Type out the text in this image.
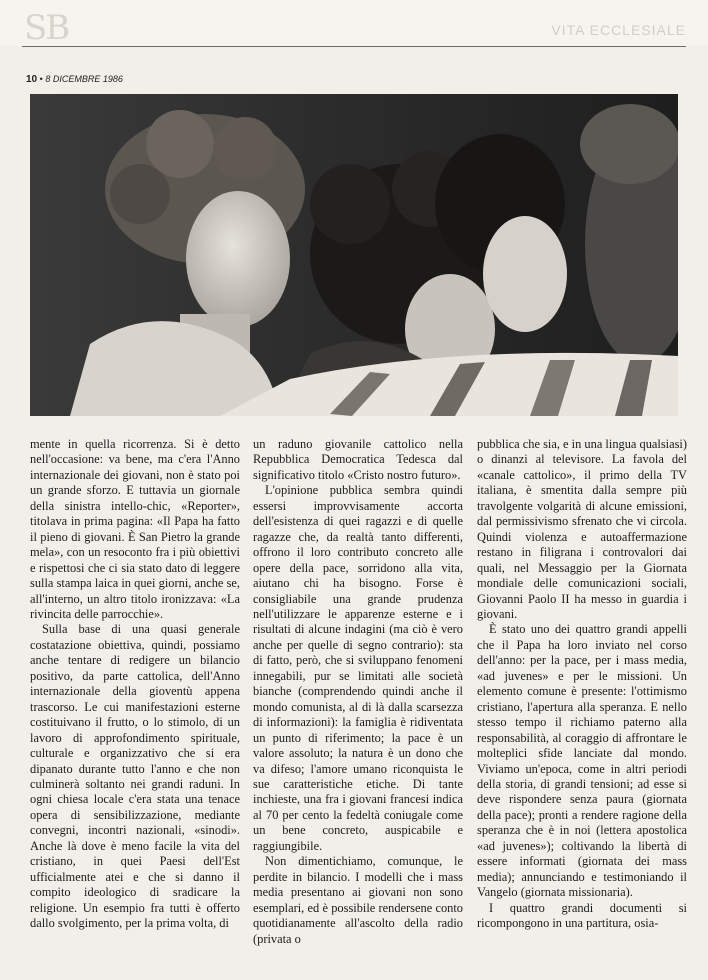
SB	VITA ECCLESIALE
10 • 8 DICEMBRE 1986

mente in quella ricorrenza. Si è detto nell'occasione: va bene, ma c'era l'Anno internazionale dei giovani, non è stato poi un grande sforzo. E tuttavia un giornale della sinistra intello-chic, «Reporter», titolava in prima pagina: «Il Papa ha fatto il pieno di giovani. È San Pietro la grande mela», con un resoconto fra i più obiettivi e rispettosi che ci sia stato dato di leggere sulla stampa laica in quei giorni, anche se, all'interno, un altro titolo ironizzava: «La rivincita delle parrocchie».

Sulla base di una quasi generale costatazione obiettiva, quindi, possiamo anche tentare di redigere un bilancio positivo, da parte cattolica, dell'Anno internazionale della gioventù appena trascorso. Le cui manifestazioni esterne costituivano il frutto, o lo stimolo, di un lavoro di approfondimento spirituale, culturale e organizzativo che si era dipanato durante tutto l'anno e che non culminerà soltanto nei grandi raduni. In ogni chiesa locale c'era stata una tenace opera di sensibilizzazione, mediante convegni, incontri nazionali, «sinodi». Anche là dove è meno facile la vita del cristiano, in quei Paesi dell'Est ufficialmente atei e che si danno il compito ideologico di sradicare la religione. Un esempio fra tutti è offerto dallo svolgimento, per la prima volta, di

un raduno giovanile cattolico nella Repubblica Democratica Tedesca dal significativo titolo «Cristo nostro futuro».

L'opinione pubblica sembra quindi essersi improvvisamente accorta dell'esistenza di quei ragazzi e di quelle ragazze che, da realtà tanto differenti, offrono il loro contributo concreto alle opere della pace, sorridono alla vita, aiutano chi ha bisogno. Forse è consigliabile una grande prudenza nell'utilizzare le apparenze esterne e i risultati di alcune indagini (ma ciò è vero anche per quelle di segno contrario): sta di fatto, però, che si sviluppano fenomeni innegabili, pur se limitati alle società bianche (comprendendo quindi anche il mondo comunista, al di là dalla scarsezza di informazioni): la famiglia è ridiventata un punto di riferimento; la pace è un valore assoluto; la natura è un dono che va difeso; l'amore umano riconquista le sue caratteristiche etiche. Di tante inchieste, una fra i giovani francesi indica al 70 per cento la fedeltà coniugale come un bene concreto, auspicabile e raggiungibile.

Non dimentichiamo, comunque, le perdite in bilancio. I modelli che i mass media presentano ai giovani non sono esemplari, ed è possibile rendersene conto quotidianamente all'ascolto della radio (privata o

pubblica che sia, e in una lingua qualsiasi) o dinanzi al televisore. La favola del «canale cattolico», il primo della TV italiana, è smentita dalla sempre più travolgente volgarità di alcune emissioni, dal permissivismo sfrenato che vi circola. Quindi violenza e autoaffermazione restano in filigrana i controvalori dai quali, nel Messaggio per la Giornata mondiale delle comunicazioni sociali, Giovanni Paolo II ha messo in guardia i giovani.

È stato uno dei quattro grandi appelli che il Papa ha loro inviato nel corso dell'anno: per la pace, per i mass media, «ad juvenes» e per le missioni. Un elemento comune è presente: l'ottimismo cristiano, l'apertura alla speranza. E nello stesso tempo il richiamo paterno alla responsabilità, al coraggio di affrontare le molteplici sfide lanciate dal mondo. Viviamo un'epoca, come in altri periodi della storia, di grandi tensioni; ad esse si deve rispondere senza paura (giornata della pace); pronti a rendere ragione della speranza che è in noi (lettera apostolica «ad juvenes»); coltivando la libertà di essere informati (giornata dei mass media); annunciando e testimoniando il Vangelo (giornata missionaria).

I quattro grandi documenti si ricompongono in una partitura, osia-
